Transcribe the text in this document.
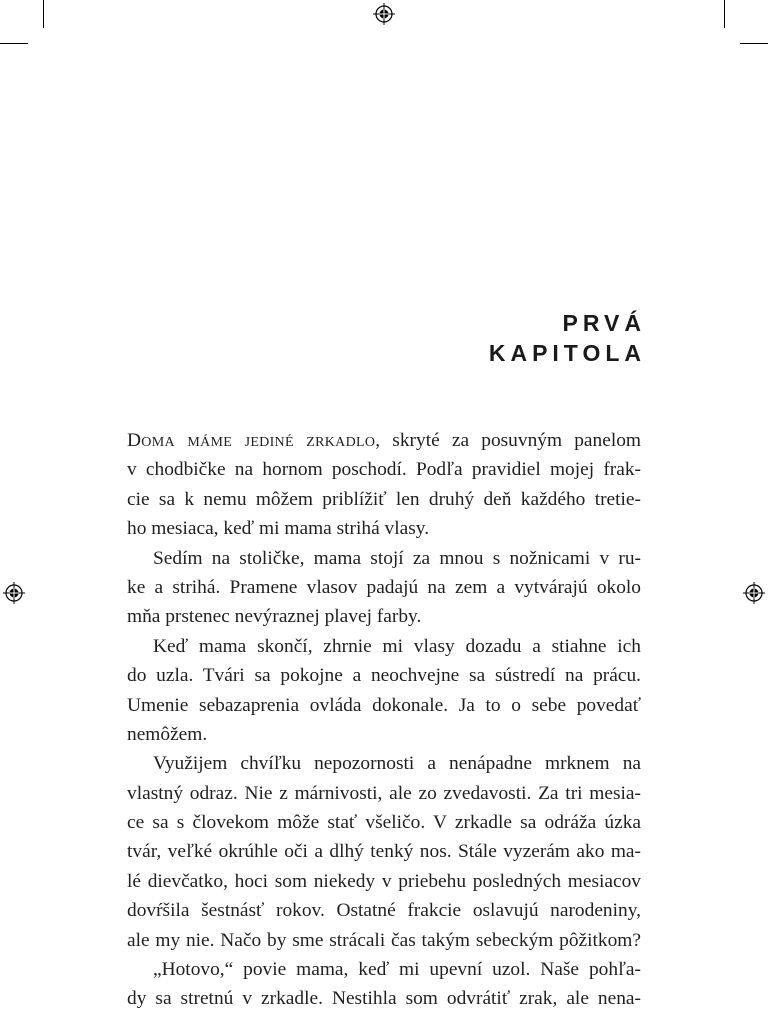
PRVÁ
KAPITOLA
Doma máme jediné zrkadlo, skryté za posuvným panelom
v chodbičke na hornom poschodí. Podľa pravidiel mojej frak-
cie sa k nemu môžem priblížiť len druhý deň každého tretie-
ho mesiaca, keď mi mama strihá vlasy.
Sedím na stoličke, mama stojí za mnou s nožnicami v ru-
ke a strihá. Pramene vlasov padajú na zem a vytvárajú okolo
mňa prstenec nevýraznej plavej farby.
Keď mama skončí, zhrnie mi vlasy dozadu a stiahne ich
do uzla. Tvári sa pokojne a neochvejne sa sústredí na prácu.
Umenie sebazaprenia ovláda dokonale. Ja to o sebe povedať
nemôžem.
Využijem chvíľku nepozornosti a nenápadne mrknem na
vlastný odraz. Nie z márnivosti, ale zo zvedavosti. Za tri mesia-
ce sa s človekom môže stať všeličo. V zrkadle sa odráža úzka
tvár, veľké okrúhle oči a dlhý tenký nos. Stále vyzerám ako ma-
lé dievčatko, hoci som niekedy v priebehu posledných mesiacov
dovŕšila šestnásť rokov. Ostatné frakcie oslavujú narodeniny,
ale my nie. Načo by sme strácali čas takým sebeckým pôžitkom?
„Hotovo,“ povie mama, keď mi upevní uzol. Naše pohľa-
dy sa stretnú v zrkadle. Nestihla som odvrátiť zrak, ale nena-
